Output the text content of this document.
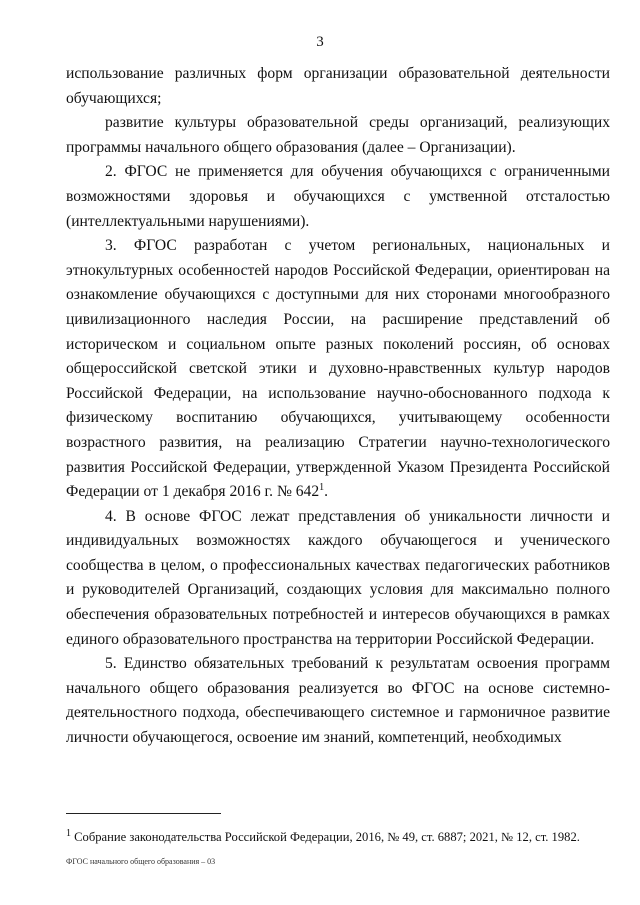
3

использование различных форм организации образовательной деятельности обучающихся;

развитие культуры образовательной среды организаций, реализующих программы начального общего образования (далее – Организации).

2. ФГОС не применяется для обучения обучающихся с ограниченными возможностями здоровья и обучающихся с умственной отсталостью (интеллектуальными нарушениями).

3. ФГОС разработан с учетом региональных, национальных и этнокультурных особенностей народов Российской Федерации, ориентирован на ознакомление обучающихся с доступными для них сторонами многообразного цивилизационного наследия России, на расширение представлений об историческом и социальном опыте разных поколений россиян, об основах общероссийской светской этики и духовно-нравственных культур народов Российской Федерации, на использование научно-обоснованного подхода к физическому воспитанию обучающихся, учитывающему особенности возрастного развития, на реализацию Стратегии научно-технологического развития Российской Федерации, утвержденной Указом Президента Российской Федерации от 1 декабря 2016 г. № $642^1$.

4. В основе ФГОС лежат представления об уникальности личности и индивидуальных возможностях каждого обучающегося и ученического сообщества в целом, о профессиональных качествах педагогических работников и руководителей Организаций, создающих условия для максимально полного обеспечения образовательных потребностей и интересов обучающихся в рамках единого образовательного пространства на территории Российской Федерации.

5. Единство обязательных требований к результатам освоения программ начального общего образования реализуется во ФГОС на основе системно-деятельностного подхода, обеспечивающего системное и гармоничное развитие личности обучающегося, освоение им знаний, компетенций, необходимых

$^1$ Собрание законодательства Российской Федерации, 2016, № 49, ст. 6887; 2021, № 12, ст. 1982.
ФГОС начального общего образования – 03
